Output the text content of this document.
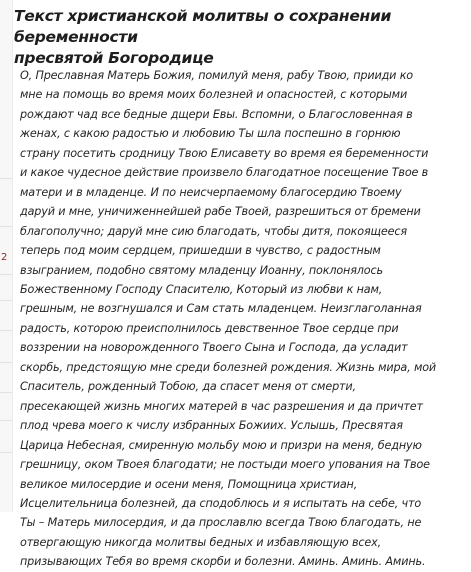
2
Текст христианской молитвы о сохранении беременности
пресвятой Богородице
О, Преславная Матерь Божия, помилуй меня, рабу Твою, прииди ко
мне на помощь во время моих болезней и опасностей, с которыми
рождают чад все бедные дщери Евы. Вспомни, о Благословенная в
женах, с какою радостью и любовию Ты шла поспешно в горнюю
страну посетить сродницу Твою Елисавету во время ея беременности
и какое чудесное действие произвело благодатное посещение Твое в
матери и в младенце. И по неисчерпаемому благосердию Твоему
даруй и мне, уничиженнейшей рабе Твоей, разрешиться от бремени
благополучно; даруй мне сию благодать, чтобы дитя, покоящееся
теперь под моим сердцем, пришедши в чувство, с радостным
взыгранием, подобно святому младенцу Иоанну, поклонялось
Божественному Господу Спасителю, Который из любви к нам,
грешным, не возгнушался и Сам стать младенцем. Неизглаголанная
радость, которою преисполнилось девственное Твое сердце при
воззрении на новорожденного Твоего Сына и Господа, да усладит
скорбь, предстоящую мне среди болезней рождения. Жизнь мира, мой
Спаситель, рожденный Тобою, да спасет меня от смерти,
пресекающей жизнь многих матерей в час разрешения и да причтет
плод чрева моего к числу избранных Божиих. Услышь, Пресвятая
Царица Небесная, смиренную мольбу мою и призри на меня, бедную
грешницу, оком Твоея благодати; не постыди моего упования на Твое
великое милосердие и осени меня, Помощница христиан,
Исцелительница болезней, да сподоблюсь и я испытать на себе, что
Ты – Матерь милосердия, и да прославлю всегда Твою благодать, не
отвергающую никогда молитвы бедных и избавляющую всех,
призывающих Тебя во время скорби и болезни. Аминь. Аминь. Аминь.
